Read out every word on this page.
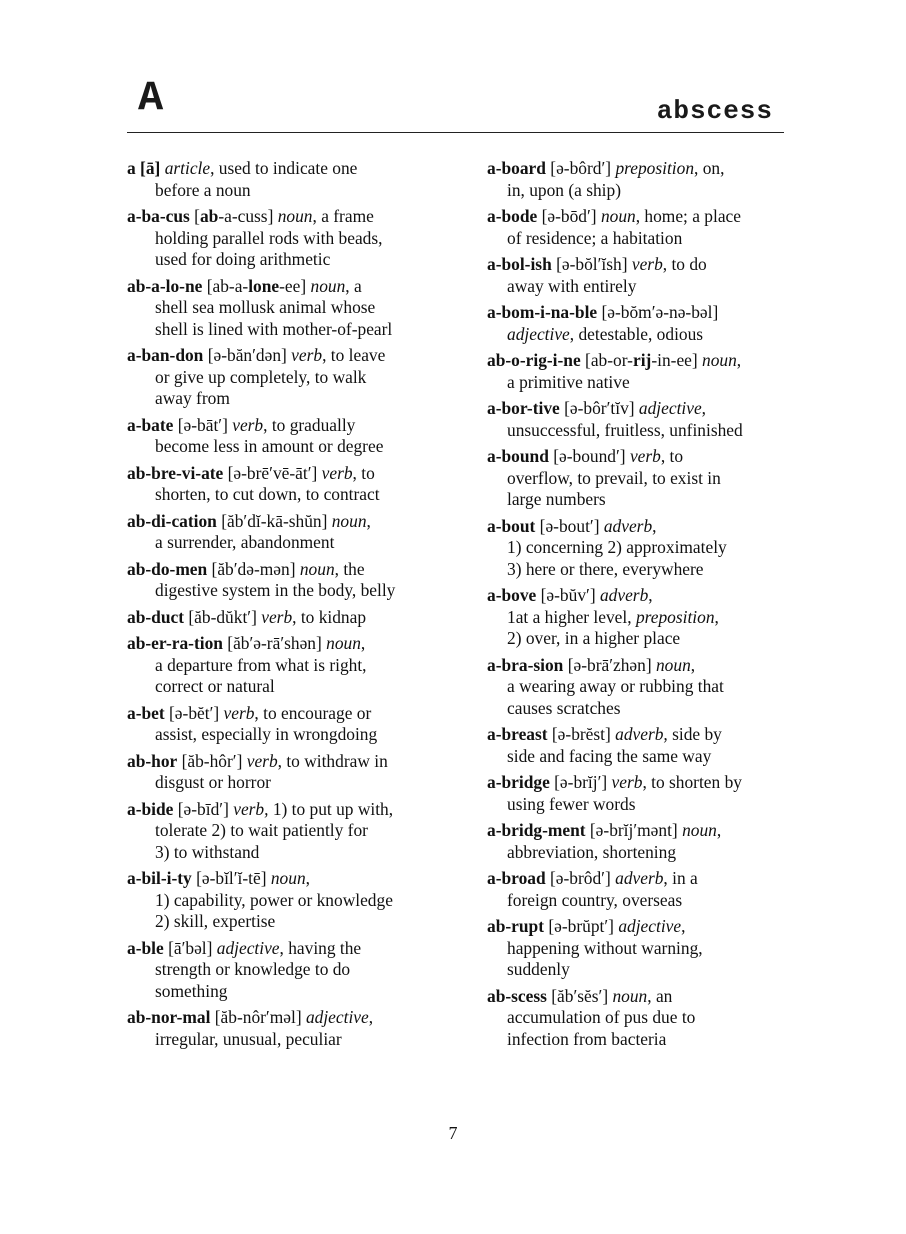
A	abscess
a [ā] article, used to indicate one
before a noun
a-ba-cus [ab-a-cuss] noun, a frame
holding parallel rods with beads,
used for doing arithmetic
ab-a-lo-ne [ab-a-lone-ee] noun, a
shell sea mollusk animal whose
shell is lined with mother-of-pearl
a-ban-don [ə-băn′dən] verb, to leave
or give up completely, to walk
away from
a-bate [ə-bāt′] verb, to gradually
become less in amount or degree
ab-bre-vi-ate [ə-brē′vē-āt′] verb, to
shorten, to cut down, to contract
ab-di-cation [ăb′dĭ-kā-shŭn] noun,
a surrender, abandonment
ab-do-men [ăb′də-mən] noun, the
digestive system in the body, belly
ab-duct [ăb-dŭkt′] verb, to kidnap
ab-er-ra-tion [ăb′ə-rā′shən] noun,
a departure from what is right,
correct or natural
a-bet [ə-bĕt′] verb, to encourage or
assist, especially in wrongdoing
ab-hor [ăb-hôr′] verb, to withdraw in
disgust or horror
a-bide [ə-bīd′] verb, 1) to put up with,
tolerate 2) to wait patiently for
3) to withstand
a-bil-i-ty [ə-bĭl′ĭ-tē] noun,
1) capability, power or knowledge
2) skill, expertise
a-ble [ā′bəl] adjective, having the
strength or knowledge to do
something
ab-nor-mal [ăb-nôr′məl] adjective,
irregular, unusual, peculiar
a-board [ə-bôrd′] preposition, on,
in, upon (a ship)
a-bode [ə-bōd′] noun, home; a place
of residence; a habitation
a-bol-ish [ə-bŏl′ĭsh] verb, to do
away with entirely
a-bom-i-na-ble [ə-bŏm′ə-nə-bəl]
adjective, detestable, odious
ab-o-rig-i-ne [ab-or-rij-in-ee] noun,
a primitive native
a-bor-tive [ə-bôr′tĭv] adjective,
unsuccessful, fruitless, unfinished
a-bound [ə-bound′] verb, to
overflow, to prevail, to exist in
large numbers
a-bout [ə-bout′] adverb,
1) concerning 2) approximately
3) here or there, everywhere
a-bove [ə-bŭv′] adverb,
1at a higher level, preposition,
2) over, in a higher place
a-bra-sion [ə-brā′zhən] noun,
a wearing away or rubbing that
causes scratches
a-breast [ə-brĕst] adverb, side by
side and facing the same way
a-bridge [ə-brĭj′] verb, to shorten by
using fewer words
a-bridg-ment [ə-brĭj′mənt] noun,
abbreviation, shortening
a-broad [ə-brôd′] adverb, in a
foreign country, overseas
ab-rupt [ə-brŭpt′] adjective,
happening without warning,
suddenly
ab-scess [ăb′sĕs′] noun, an
accumulation of pus due to
infection from bacteria
7
